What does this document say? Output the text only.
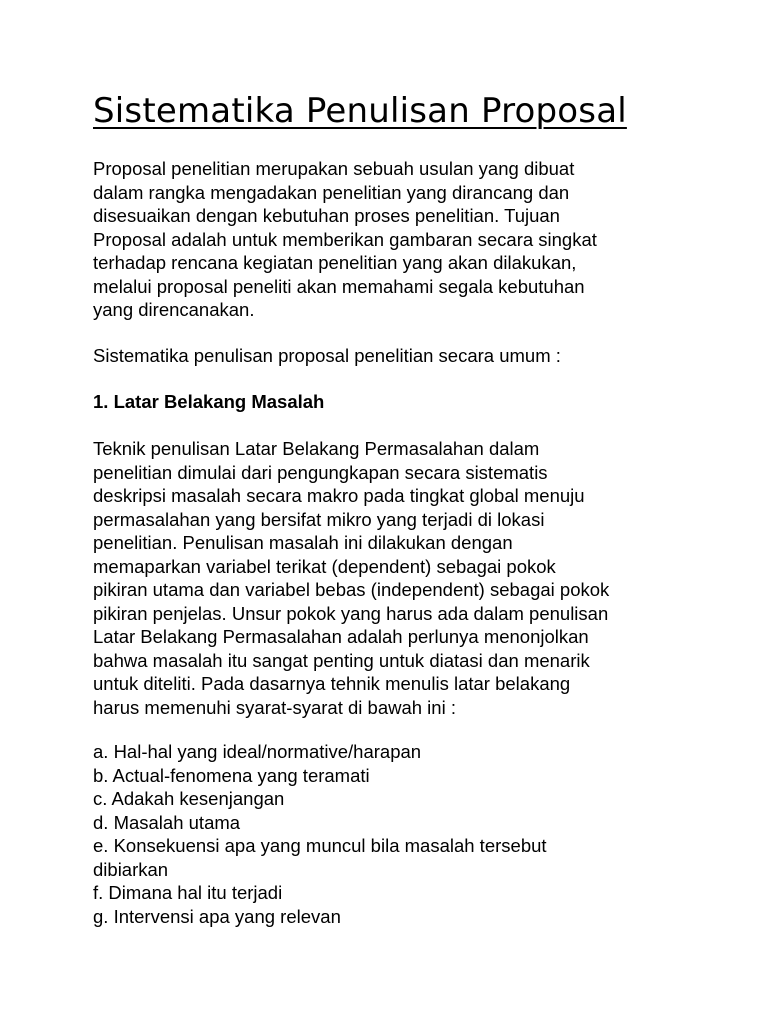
Sistematika Penulisan Proposal

Proposal penelitian merupakan sebuah usulan yang dibuat
dalam rangka mengadakan penelitian yang dirancang dan
disesuaikan dengan kebutuhan proses penelitian. Tujuan
Proposal adalah untuk memberikan gambaran secara singkat
terhadap rencana kegiatan penelitian yang akan dilakukan,
melalui proposal peneliti akan memahami segala kebutuhan
yang direncanakan.

Sistematika penulisan proposal penelitian secara umum :

1. Latar Belakang Masalah

Teknik penulisan Latar Belakang Permasalahan dalam
penelitian dimulai dari pengungkapan secara sistematis
deskripsi masalah secara makro pada tingkat global menuju
permasalahan yang bersifat mikro yang terjadi di lokasi
penelitian. Penulisan masalah ini dilakukan dengan
memaparkan variabel terikat (dependent) sebagai pokok
pikiran utama dan variabel bebas (independent) sebagai pokok
pikiran penjelas. Unsur pokok yang harus ada dalam penulisan
Latar Belakang Permasalahan adalah perlunya menonjolkan
bahwa masalah itu sangat penting untuk diatasi dan menarik
untuk diteliti. Pada dasarnya tehnik menulis latar belakang
harus memenuhi syarat-syarat di bawah ini :

a. Hal-hal yang ideal/normative/harapan
b. Actual-fenomena yang teramati
c. Adakah kesenjangan
d. Masalah utama
e. Konsekuensi apa yang muncul bila masalah tersebut
dibiarkan
f. Dimana hal itu terjadi
g. Intervensi apa yang relevan
